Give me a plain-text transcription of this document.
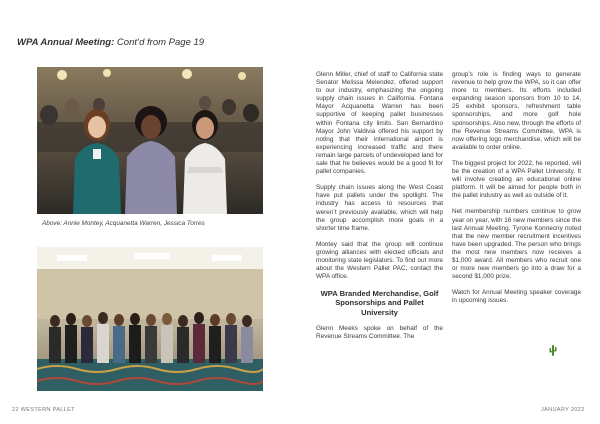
WPA Annual Meeting: Cont’d from Page 19
Above: Annie Montey, Acquanetta Warren, Jessica Torres

Glenn Miller, chief of staff to California state Senator Melissa Melendez, offered support to our industry, emphasizing the ongoing supply chain issues in California. Fontana Mayor Acquanetta Warren has been supportive of keeping pallet businesses within Fontana city limits. San Bernardino Mayor John Valdivia offered his support by noting that their international airport is experiencing increased traffic and there remain large parcels of undeveloped land for sale that he believes would be a good fit for pallet companies.

Supply chain issues along the West Coast have put pallets under the spotlight. The industry has access to resources that weren’t previously available, which will help the group accomplish more goals in a shorter time frame.

Montey said that the group will continue growing alliances with elected officials and monitoring state legislators. To find out more about the Western Pallet PAC, contact the WPA office.

WPA Branded Merchandise, Golf Sponsorships and Pallet University

Glenn Meeks spoke on behalf of the Revenue Streams Committee. The

group’s role is finding ways to generate revenue to help grow the WPA, so it can offer more to members. Its efforts included expanding season sponsors from 10 to 14, 25 exhibit sponsors, refreshment table sponsorships, and more golf hole sponsorships. Also new, through the efforts of the Revenue Streams Committee, WPA is now offering logo merchandise, which will be available to order online.

The biggest project for 2022, he reported, will be the creation of a WPA Pallet University. It will involve creating an educational online platform. It will be aimed for people both in the pallet industry as well as outside of it.

Net membership numbers continue to grow year on year, with 16 new members since the last Annual Meeting. Tyrone Konnecny noted that the new member recruitment incentives have been upgraded. The person who brings the most new members now receives a $1,000 award. All members who recruit one or more new members go into a draw for a second $1,000 prize.

Watch for Annual Meeting speaker coverage in upcoming issues.

22 WESTERN PALLET	JANUARY 2022
